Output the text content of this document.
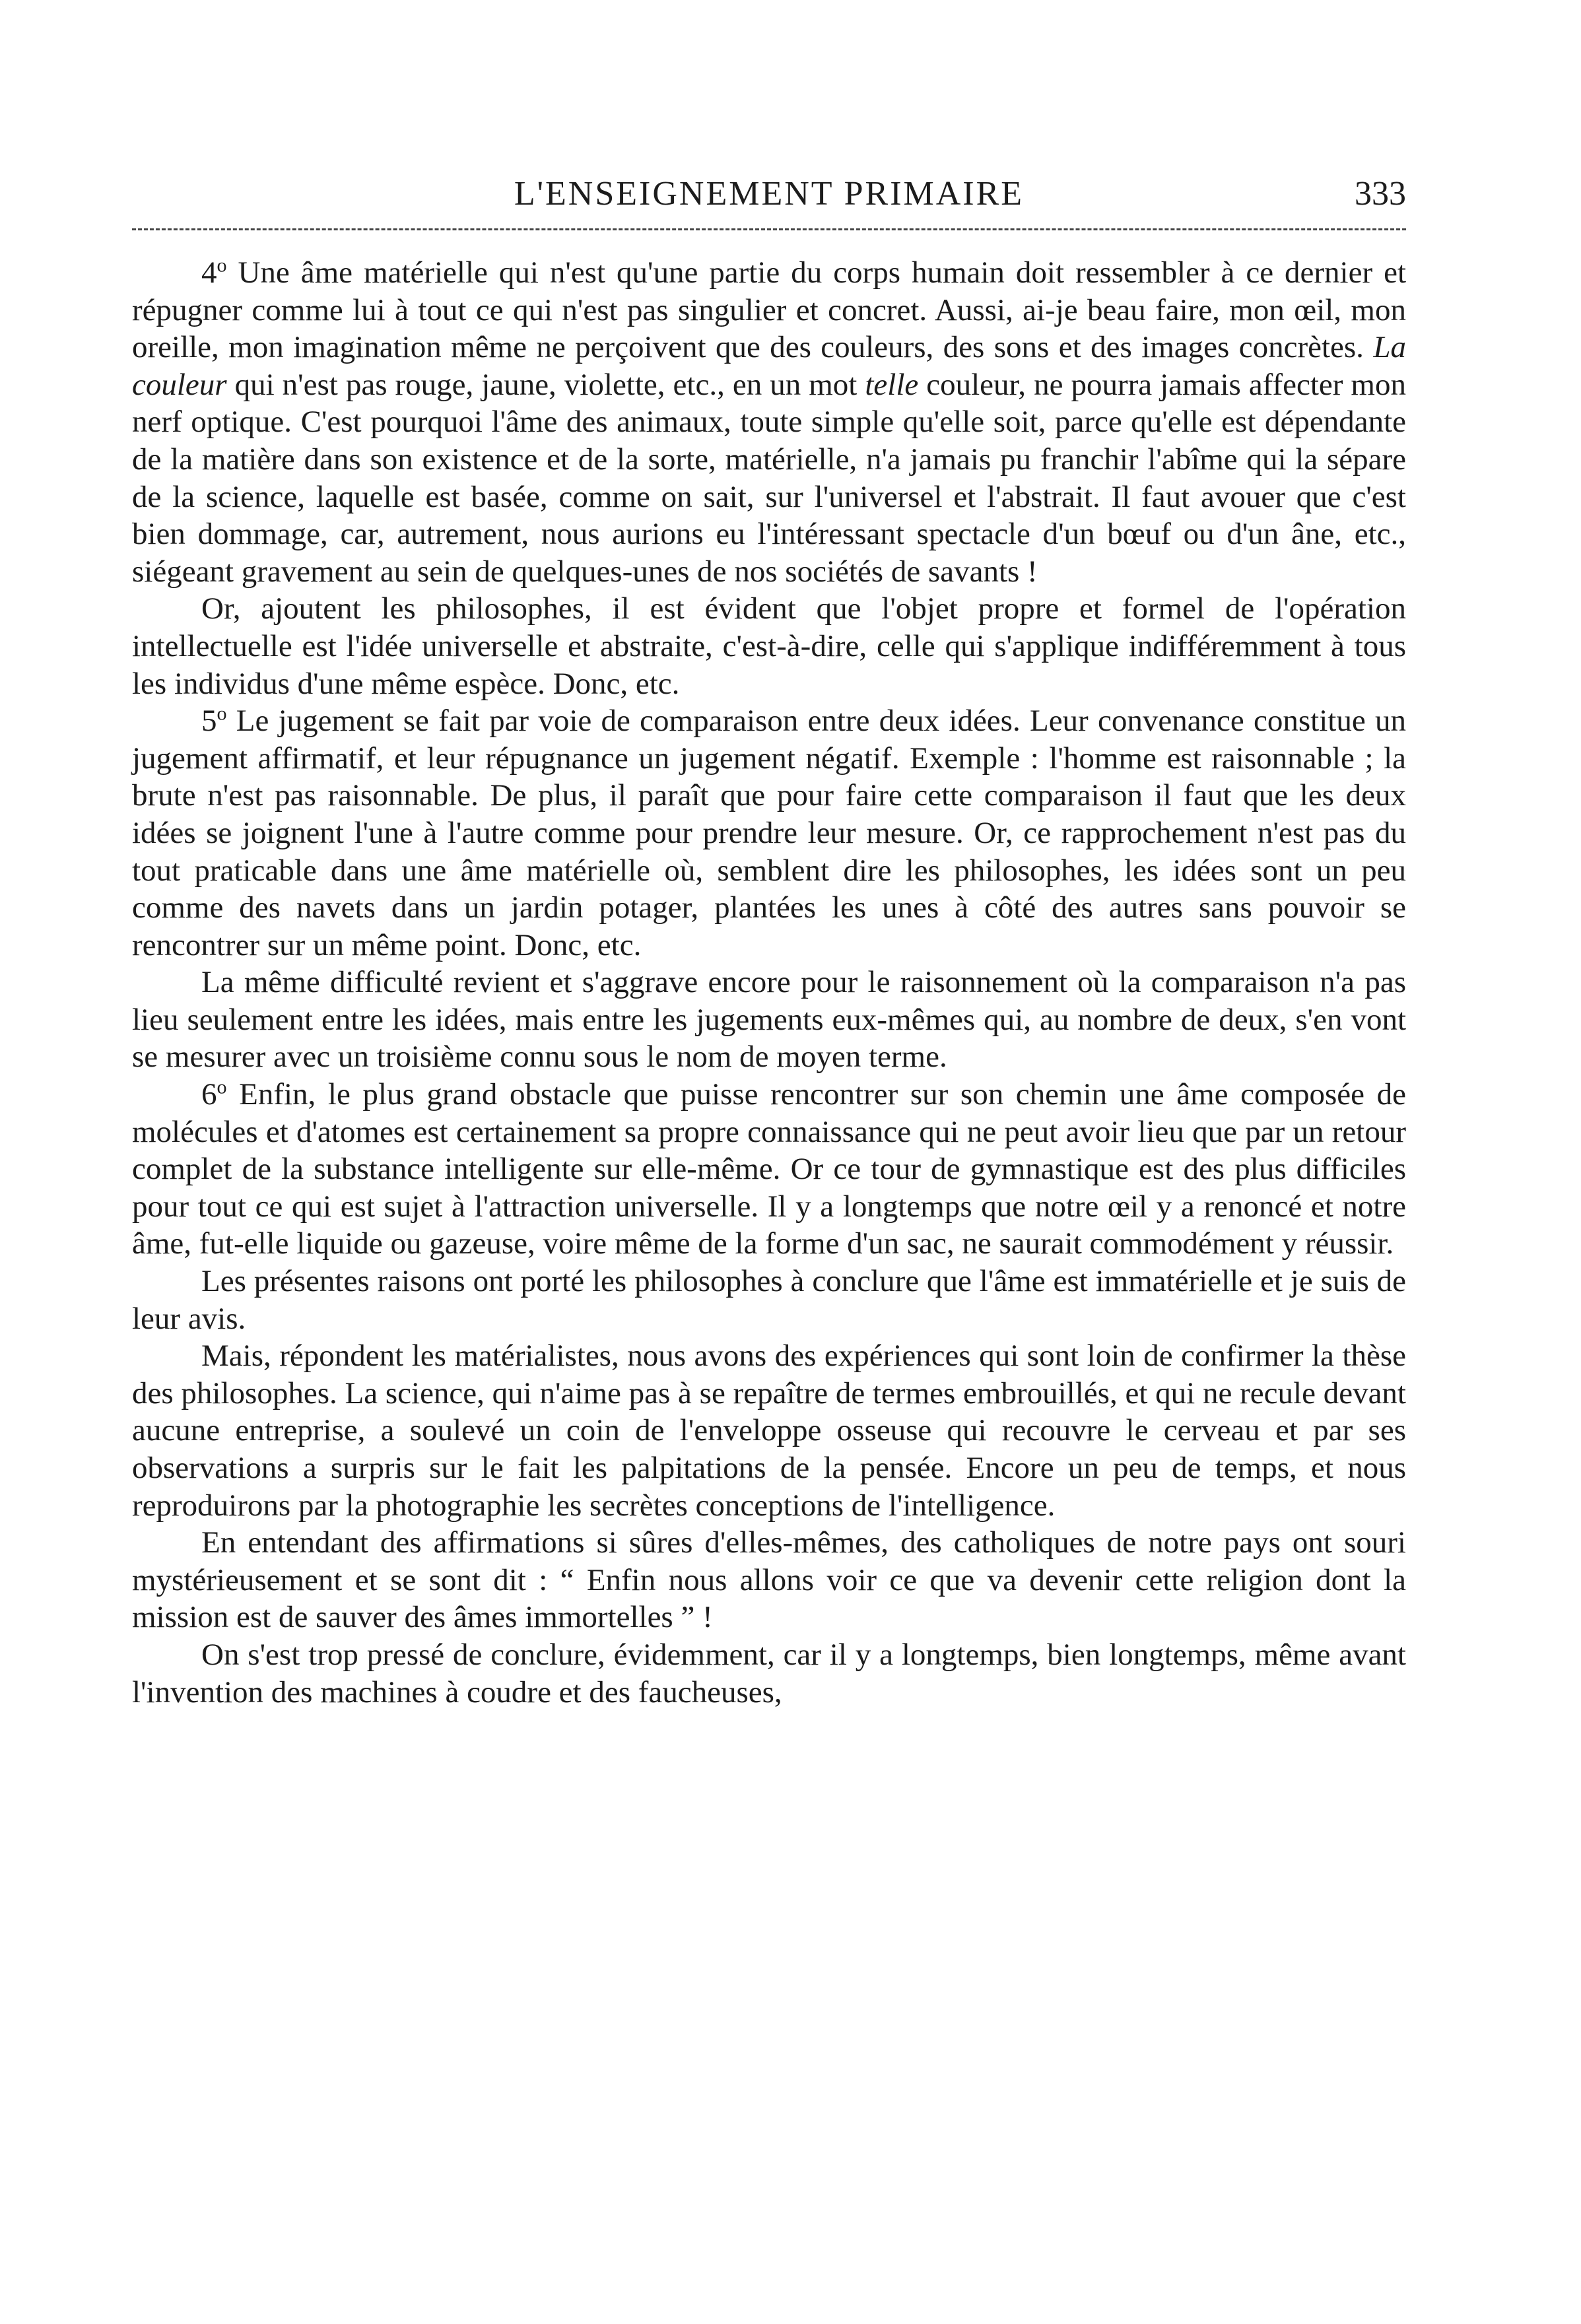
L'ENSEIGNEMENT PRIMAIRE	333

4$^o$ Une âme matérielle qui n'est qu'une partie du corps humain doit ressembler à ce dernier et répugner comme lui à tout ce qui n'est pas singulier et concret. Aussi, ai-je beau faire, mon œil, mon oreille, mon imagination même ne perçoivent que des couleurs, des sons et des images concrètes. La couleur qui n'est pas rouge, jaune, violette, etc., en un mot telle couleur, ne pourra jamais affecter mon nerf optique. C'est pourquoi l'âme des animaux, toute simple qu'elle soit, parce qu'elle est dépendante de la matière dans son existence et de la sorte, matérielle, n'a jamais pu franchir l'abîme qui la sépare de la science, laquelle est basée, comme on sait, sur l'universel et l'abstrait. Il faut avouer que c'est bien dommage, car, autrement, nous aurions eu l'intéressant spectacle d'un bœuf ou d'un âne, etc., siégeant gravement au sein de quelques-unes de nos sociétés de savants !

Or, ajoutent les philosophes, il est évident que l'objet propre et formel de l'opération intellectuelle est l'idée universelle et abstraite, c'est-à-dire, celle qui s'applique indifféremment à tous les individus d'une même espèce. Donc, etc.

5$^o$ Le jugement se fait par voie de comparaison entre deux idées. Leur convenance constitue un jugement affirmatif, et leur répugnance un jugement négatif. Exemple : l'homme est raisonnable ; la brute n'est pas raisonnable. De plus, il paraît que pour faire cette comparaison il faut que les deux idées se joignent l'une à l'autre comme pour prendre leur mesure. Or, ce rapprochement n'est pas du tout praticable dans une âme matérielle où, semblent dire les philosophes, les idées sont un peu comme des navets dans un jardin potager, plantées les unes à côté des autres sans pouvoir se rencontrer sur un même point. Donc, etc.

La même difficulté revient et s'aggrave encore pour le raisonnement où la comparaison n'a pas lieu seulement entre les idées, mais entre les jugements eux-mêmes qui, au nombre de deux, s'en vont se mesurer avec un troisième connu sous le nom de moyen terme.

6$^o$ Enfin, le plus grand obstacle que puisse rencontrer sur son chemin une âme composée de molécules et d'atomes est certainement sa propre connaissance qui ne peut avoir lieu que par un retour complet de la substance intelligente sur elle-même. Or ce tour de gymnastique est des plus difficiles pour tout ce qui est sujet à l'attraction universelle. Il y a longtemps que notre œil y a renoncé et notre âme, fut-elle liquide ou gazeuse, voire même de la forme d'un sac, ne saurait commodément y réussir.

Les présentes raisons ont porté les philosophes à conclure que l'âme est immatérielle et je suis de leur avis.

Mais, répondent les matérialistes, nous avons des expériences qui sont loin de confirmer la thèse des philosophes. La science, qui n'aime pas à se repaître de termes embrouillés, et qui ne recule devant aucune entreprise, a soulevé un coin de l'enveloppe osseuse qui recouvre le cerveau et par ses observations a surpris sur le fait les palpitations de la pensée. Encore un peu de temps, et nous reproduirons par la photographie les secrètes conceptions de l'intelligence.

En entendant des affirmations si sûres d'elles-mêmes, des catholiques de notre pays ont souri mystérieusement et se sont dit : “ Enfin nous allons voir ce que va devenir cette religion dont la mission est de sauver des âmes immortelles ” !

On s'est trop pressé de conclure, évidemment, car il y a longtemps, bien longtemps, même avant l'invention des machines à coudre et des faucheuses,
